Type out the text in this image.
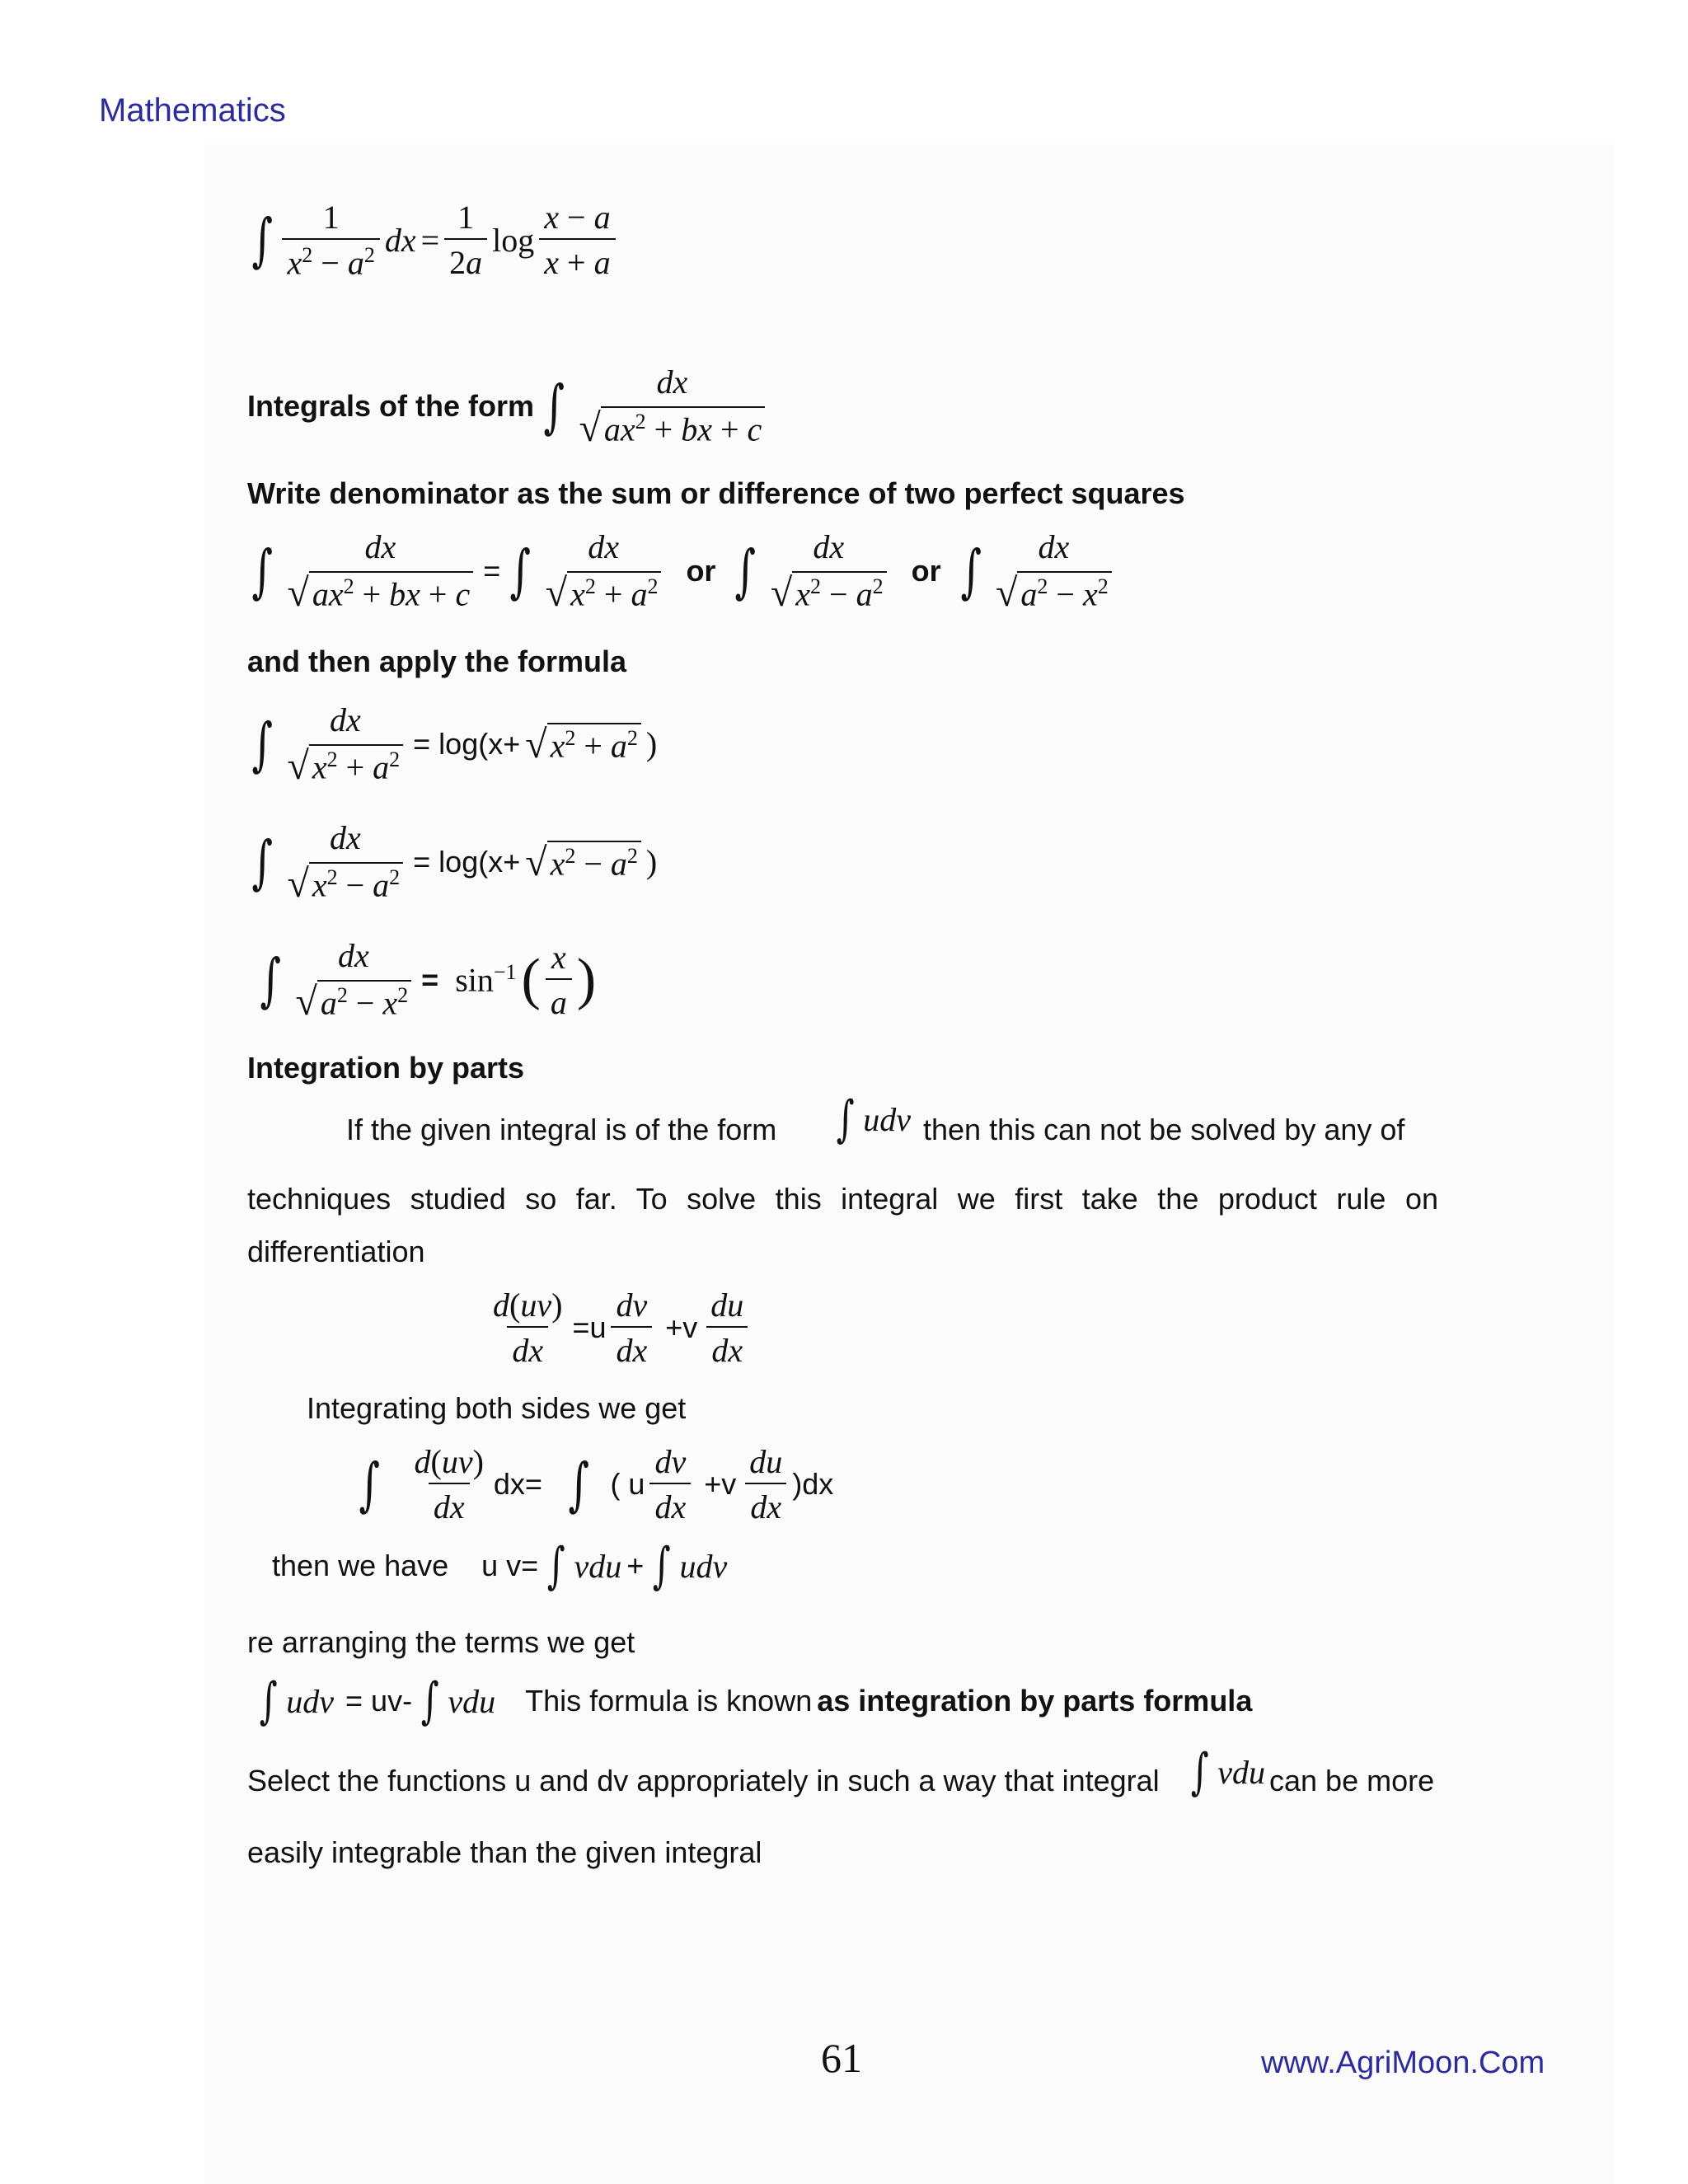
Mathematics
∫ $\frac{1}{x^2 - a^2}$ dx = $\frac{1}{2a}$ $\log \frac{x - a}{x + a}$
Integrals of the form ∫	dx
√ $ax^2$ + bx + c
Write denominator as the sum or difference of two perfect squares
∫	dx
√ $ax^2$ + bx + c
= ∫ dx
√ $x^2 + a^2$ or ∫ dx
√ $x^2 - a^2$ or ∫ dx
√ $a^2 - x^2$
and then apply the formula
∫ dx
√ $x^2 + a^2 = \log(x+$ √ $x^2 + a^2$ )
∫ dx
√ $x^2 - a^2 = \log(x+$ √ $x^2 - a^2$ )
∫ dx
√ $a^2 - x^2 = \sin^{-1}$ ( $\frac{x}{a}$ )
Integration by parts
If the given integral is of the form ∫ udv then this can not be solved by any of
techniques studied so far. To solve this integral we first take the product rule on
differentiation
$\frac{d(uv)}{dx} =u \frac{dv}{dx} +v \frac{du}{dx}$
Integrating both sides we get
∫ $\frac{d(uv)}{dx} dx=$ ∫ ( u $\frac{dv}{dx} +v \frac{du}{dx} )dx$
then we have u v= ∫ vdu + ∫ udv
re arranging the terms we get
∫ udv = uv- ∫ vdu This formula is known as integration by parts formula
Select the functions u and dv appropriately in such a way that integral ∫ vdu can be more
easily integrable than the given integral
61	www.AgriMoon.Com
